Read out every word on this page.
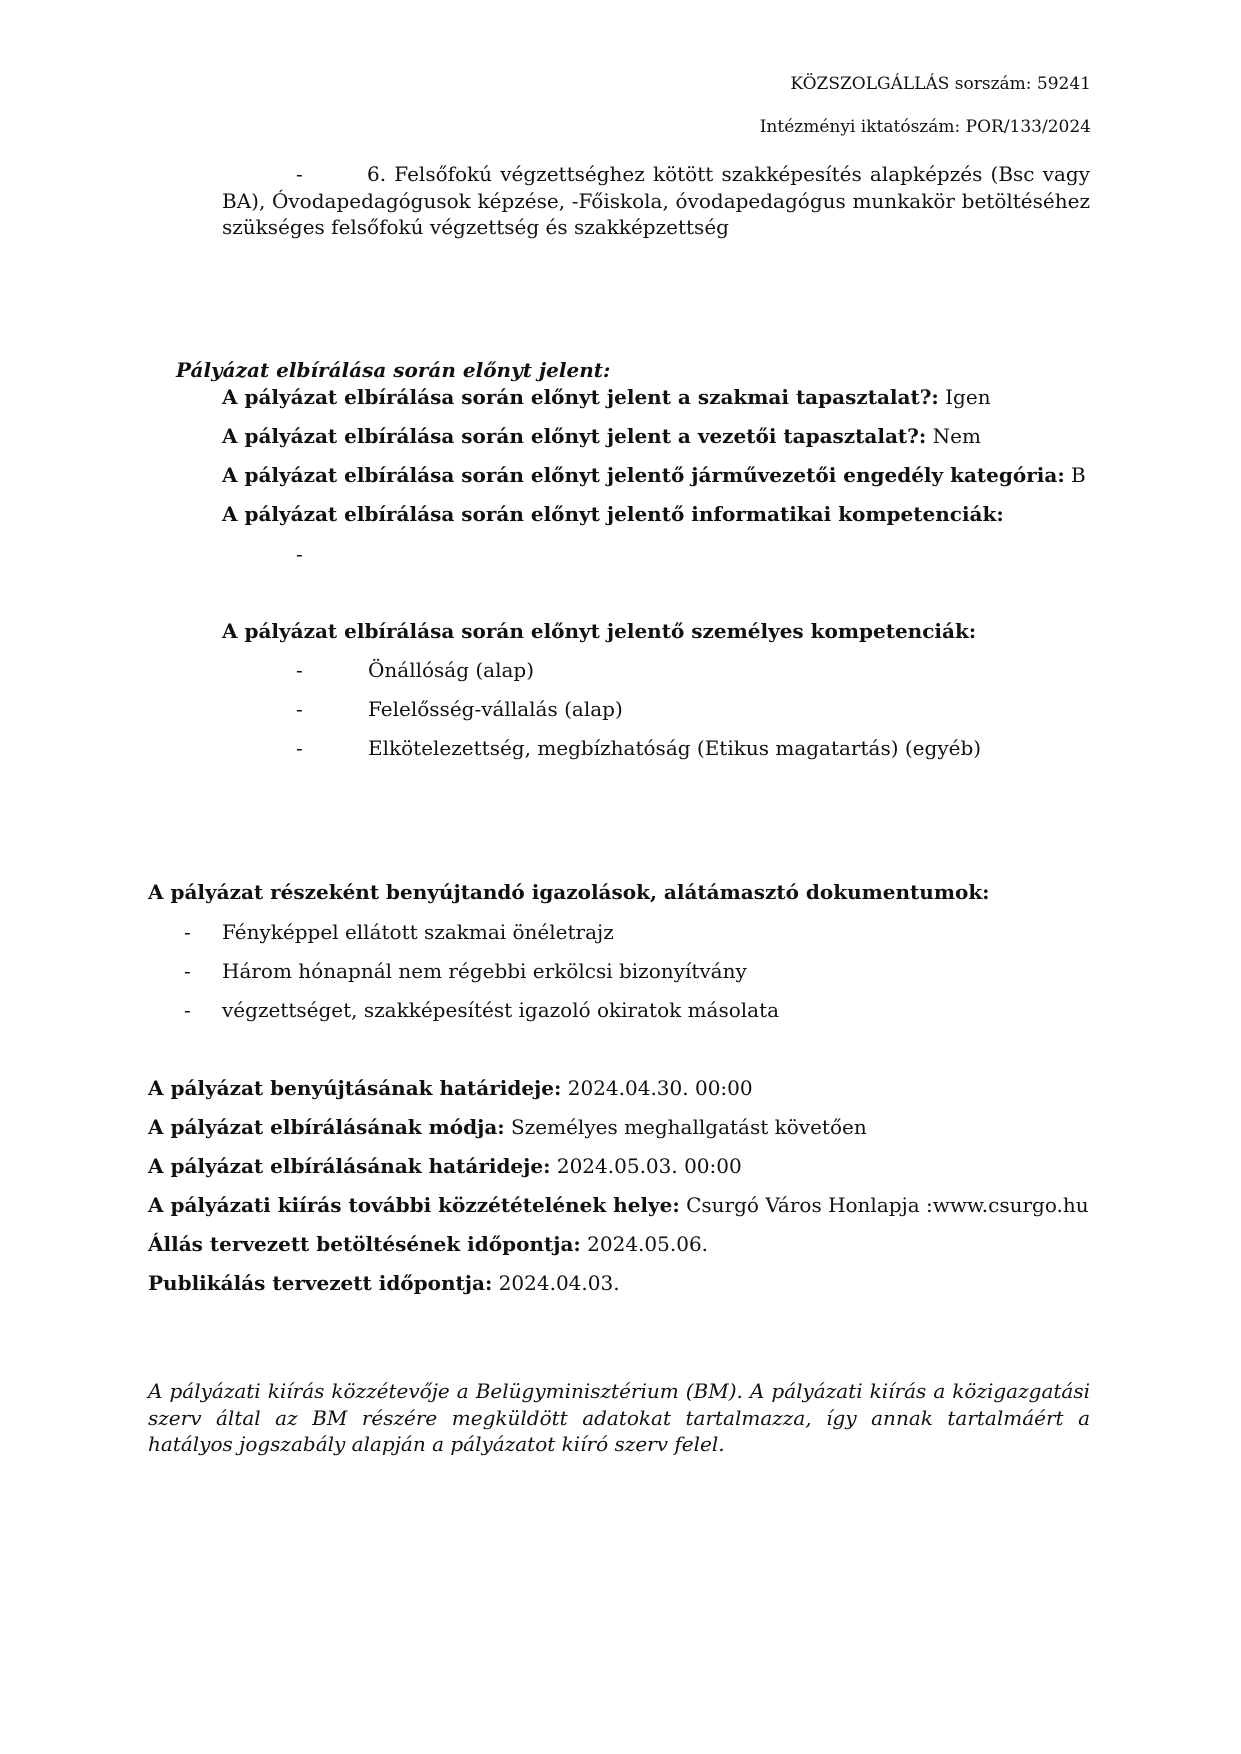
KÖZSZOLGÁLLÁS sorszám: 59241
Intézményi iktatószám: POR/133/2024
-	6. Felsőfokú végzettséghez kötött szakképesítés alapképzés (Bsc vagy BA), Óvodapedagógusok képzése, -Főiskola, óvodapedagógus munkakör betöltéséhez szükséges felsőfokú végzettség és szakképzettség
Pályázat elbírálása során előnyt jelent:
A pályázat elbírálása során előnyt jelent a szakmai tapasztalat?: Igen
A pályázat elbírálása során előnyt jelent a vezetői tapasztalat?: Nem
A pályázat elbírálása során előnyt jelentő járművezetői engedély kategória: B
A pályázat elbírálása során előnyt jelentő informatikai kompetenciák:
-
A pályázat elbírálása során előnyt jelentő személyes kompetenciák:
-	Önállóság (alap)
-	Felelősség-vállalás (alap)
-	Elkötelezettség, megbízhatóság (Etikus magatartás) (egyéb)
A pályázat részeként benyújtandó igazolások, alátámasztó dokumentumok:
- Fényképpel ellátott szakmai önéletrajz
- Három hónapnál nem régebbi erkölcsi bizonyítvány
- végzettséget, szakképesítést igazoló okiratok másolata
A pályázat benyújtásának határideje: 2024.04.30. 00:00
A pályázat elbírálásának módja: Személyes meghallgatást követően
A pályázat elbírálásának határideje: 2024.05.03. 00:00
A pályázati kiírás további közzétételének helye: Csurgó Város Honlapja :www.csurgo.hu
Állás tervezett betöltésének időpontja: 2024.05.06.
Publikálás tervezett időpontja: 2024.04.03.
A pályázati kiírás közzétevője a Belügyminisztérium (BM). A pályázati kiírás a közigazgatási szerv által az BM részére megküldött adatokat tartalmazza, így annak tartalmáért a hatályos jogszabály alapján a pályázatot kiíró szerv felel.
